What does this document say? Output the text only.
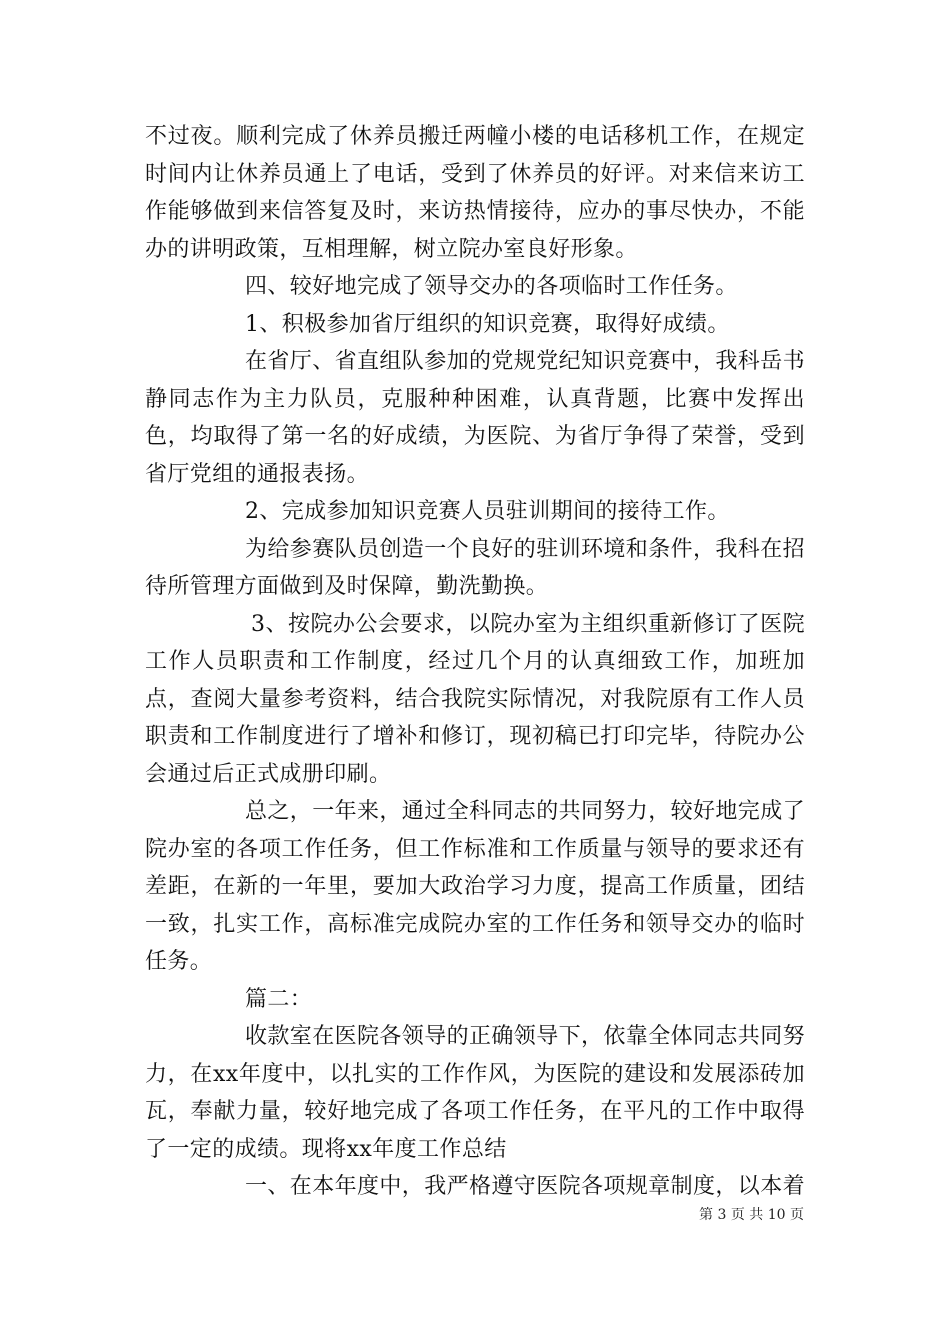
不过夜。顺利完成了休养员搬迁两幢小楼的电话移机工作，在规定时间内让休养员通上了电话，受到了休养员的好评。对来信来访工作能够做到来信答复及时，来访热情接待，应办的事尽快办，不能办的讲明政策，互相理解，树立院办室良好形象。

四、较好地完成了领导交办的各项临时工作任务。

1、积极参加省厅组织的知识竞赛，取得好成绩。

在省厅、省直组队参加的党规党纪知识竞赛中，我科岳书静同志作为主力队员，克服种种困难，认真背题，比赛中发挥出色，均取得了第一名的好成绩，为医院、为省厅争得了荣誉，受到省厅党组的通报表扬。

2、完成参加知识竞赛人员驻训期间的接待工作。

为给参赛队员创造一个良好的驻训环境和条件，我科在招待所管理方面做到及时保障，勤洗勤换。

3、按院办公会要求，以院办室为主组织重新修订了医院工作人员职责和工作制度，经过几个月的认真细致工作，加班加点，查阅大量参考资料，结合我院实际情况，对我院原有工作人员职责和工作制度进行了增补和修订，现初稿已打印完毕，待院办公会通过后正式成册印刷。

总之，一年来，通过全科同志的共同努力，较好地完成了院办室的各项工作任务，但工作标准和工作质量与领导的要求还有差距，在新的一年里，要加大政治学习力度，提高工作质量，团结一致，扎实工作，高标准完成院办室的工作任务和领导交办的临时任务。

篇二：

收款室在医院各领导的正确领导下，依靠全体同志共同努力，在xx年度中，以扎实的工作作风，为医院的建设和发展添砖加瓦，奉献力量，较好地完成了各项工作任务，在平凡的工作中取得了一定的成绩。现将xx年度工作总结

一、在本年度中，我严格遵守医院各项规章制度，以本着

第 3 页 共 10 页
